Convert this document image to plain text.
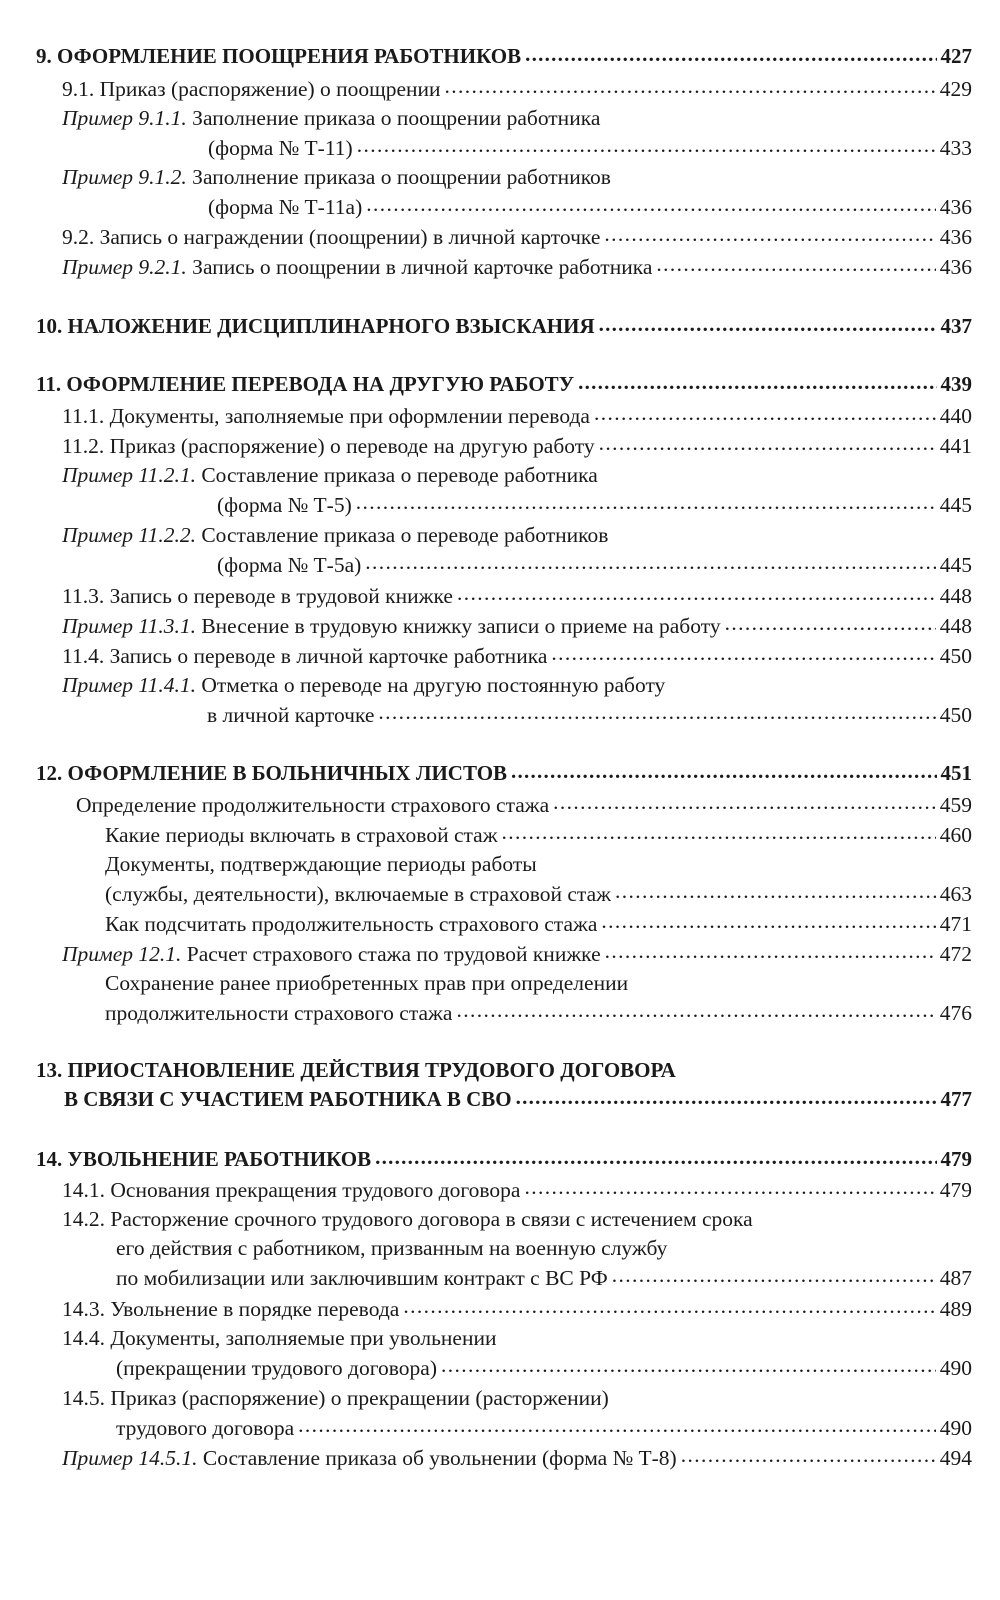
9. ОФОРМЛЕНИЕ ПООЩРЕНИЯ РАБОТНИКОВ . . .	427
9.1. Приказ (распоряжение) о поощрении . . .	429
Пример 9.1.1. Заполнение приказа о поощрении работника
(форма № Т-11) . . .	433
Пример 9.1.2. Заполнение приказа о поощрении работников
(форма № Т-11а) . . .	436
9.2. Запись о награждении (поощрении) в личной карточке . . .	436
Пример 9.2.1. Запись о поощрении в личной карточке работника . . .	436
10. НАЛОЖЕНИЕ ДИСЦИПЛИНАРНОГО ВЗЫСКАНИЯ . . .	437
11. ОФОРМЛЕНИЕ ПЕРЕВОДА НА ДРУГУЮ РАБОТУ . . .	439
11.1. Документы, заполняемые при оформлении перевода . . .	440
11.2. Приказ (распоряжение) о переводе на другую работу . . .	441
Пример 11.2.1. Составление приказа о переводе работника
(форма № Т-5) . . .	445
Пример 11.2.2. Составление приказа о переводе работников
(форма № Т-5а) . . .	445
11.3. Запись о переводе в трудовой книжке . . .	448
Пример 11.3.1. Внесение в трудовую книжку записи о приеме на работу . . .	448
11.4. Запись о переводе в личной карточке работника . . .	450
Пример 11.4.1. Отметка о переводе на другую постоянную работу
в личной карточке . . .	450
12. ОФОРМЛЕНИЕ В БОЛЬНИЧНЫХ ЛИСТОВ . . .	451
Определение продолжительности страхового стажа . . .	459
Какие периоды включать в страховой стаж . . .	460
Документы, подтверждающие периоды работы
(службы, деятельности), включаемые в страховой стаж . . .	463
Как подсчитать продолжительность страхового стажа . . .	471
Пример 12.1. Расчет страхового стажа по трудовой книжке . . .	472
Сохранение ранее приобретенных прав при определении
продолжительности страхового стажа . . .	476
13. ПРИОСТАНОВЛЕНИЕ ДЕЙСТВИЯ ТРУДОВОГО ДОГОВОРА
В СВЯЗИ С УЧАСТИЕМ РАБОТНИКА В СВО . . .	477
14. УВОЛЬНЕНИЕ РАБОТНИКОВ . . .	479
14.1. Основания прекращения трудового договора . . .	479
14.2. Расторжение срочного трудового договора в связи с истечением срока
его действия с работником, призванным на военную службу
по мобилизации или заключившим контракт с ВС РФ . . .	487
14.3. Увольнение в порядке перевода . . .	489
14.4. Документы, заполняемые при увольнении
(прекращении трудового договора) . . .	490
14.5. Приказ (распоряжение) о прекращении (расторжении)
трудового договора . . .	490
Пример 14.5.1. Составление приказа об увольнении (форма № Т-8) . . .	494
